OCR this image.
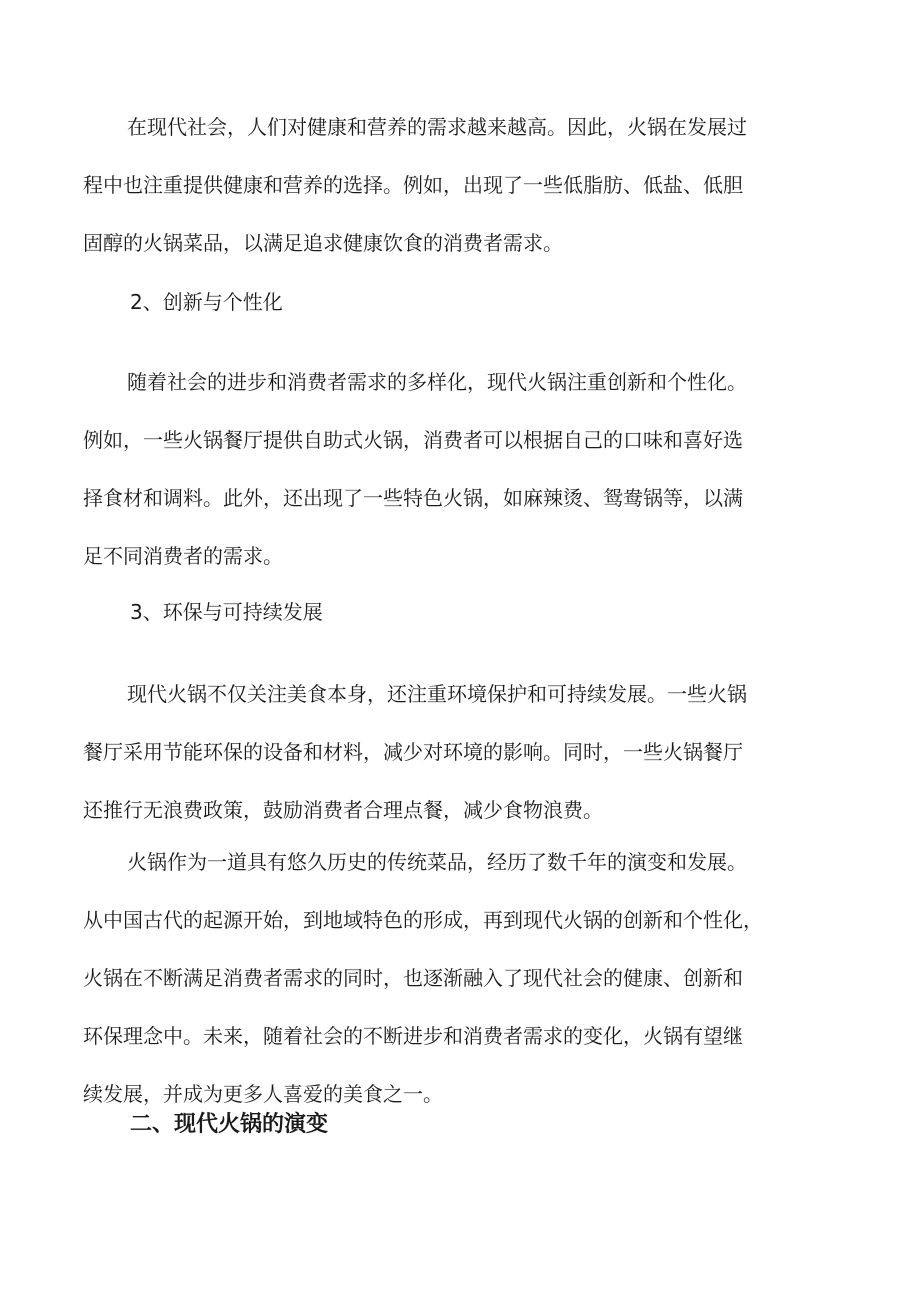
在现代社会，人们对健康和营养的需求越来越高。因此，火锅在发展过
程中也注重提供健康和营养的选择。例如，出现了一些低脂肪、低盐、低胆
固醇的火锅菜品，以满足追求健康饮食的消费者需求。
2、创新与个性化
随着社会的进步和消费者需求的多样化，现代火锅注重创新和个性化。
例如，一些火锅餐厅提供自助式火锅，消费者可以根据自己的口味和喜好选
择食材和调料。此外，还出现了一些特色火锅，如麻辣烫、鸳鸯锅等，以满
足不同消费者的需求。
3、环保与可持续发展
现代火锅不仅关注美食本身，还注重环境保护和可持续发展。一些火锅
餐厅采用节能环保的设备和材料，减少对环境的影响。同时，一些火锅餐厅
还推行无浪费政策，鼓励消费者合理点餐，减少食物浪费。
火锅作为一道具有悠久历史的传统菜品，经历了数千年的演变和发展。
从中国古代的起源开始，到地域特色的形成，再到现代火锅的创新和个性化，
火锅在不断满足消费者需求的同时，也逐渐融入了现代社会的健康、创新和
环保理念中。未来，随着社会的不断进步和消费者需求的变化，火锅有望继
续发展，并成为更多人喜爱的美食之一。
二、现代火锅的演变
